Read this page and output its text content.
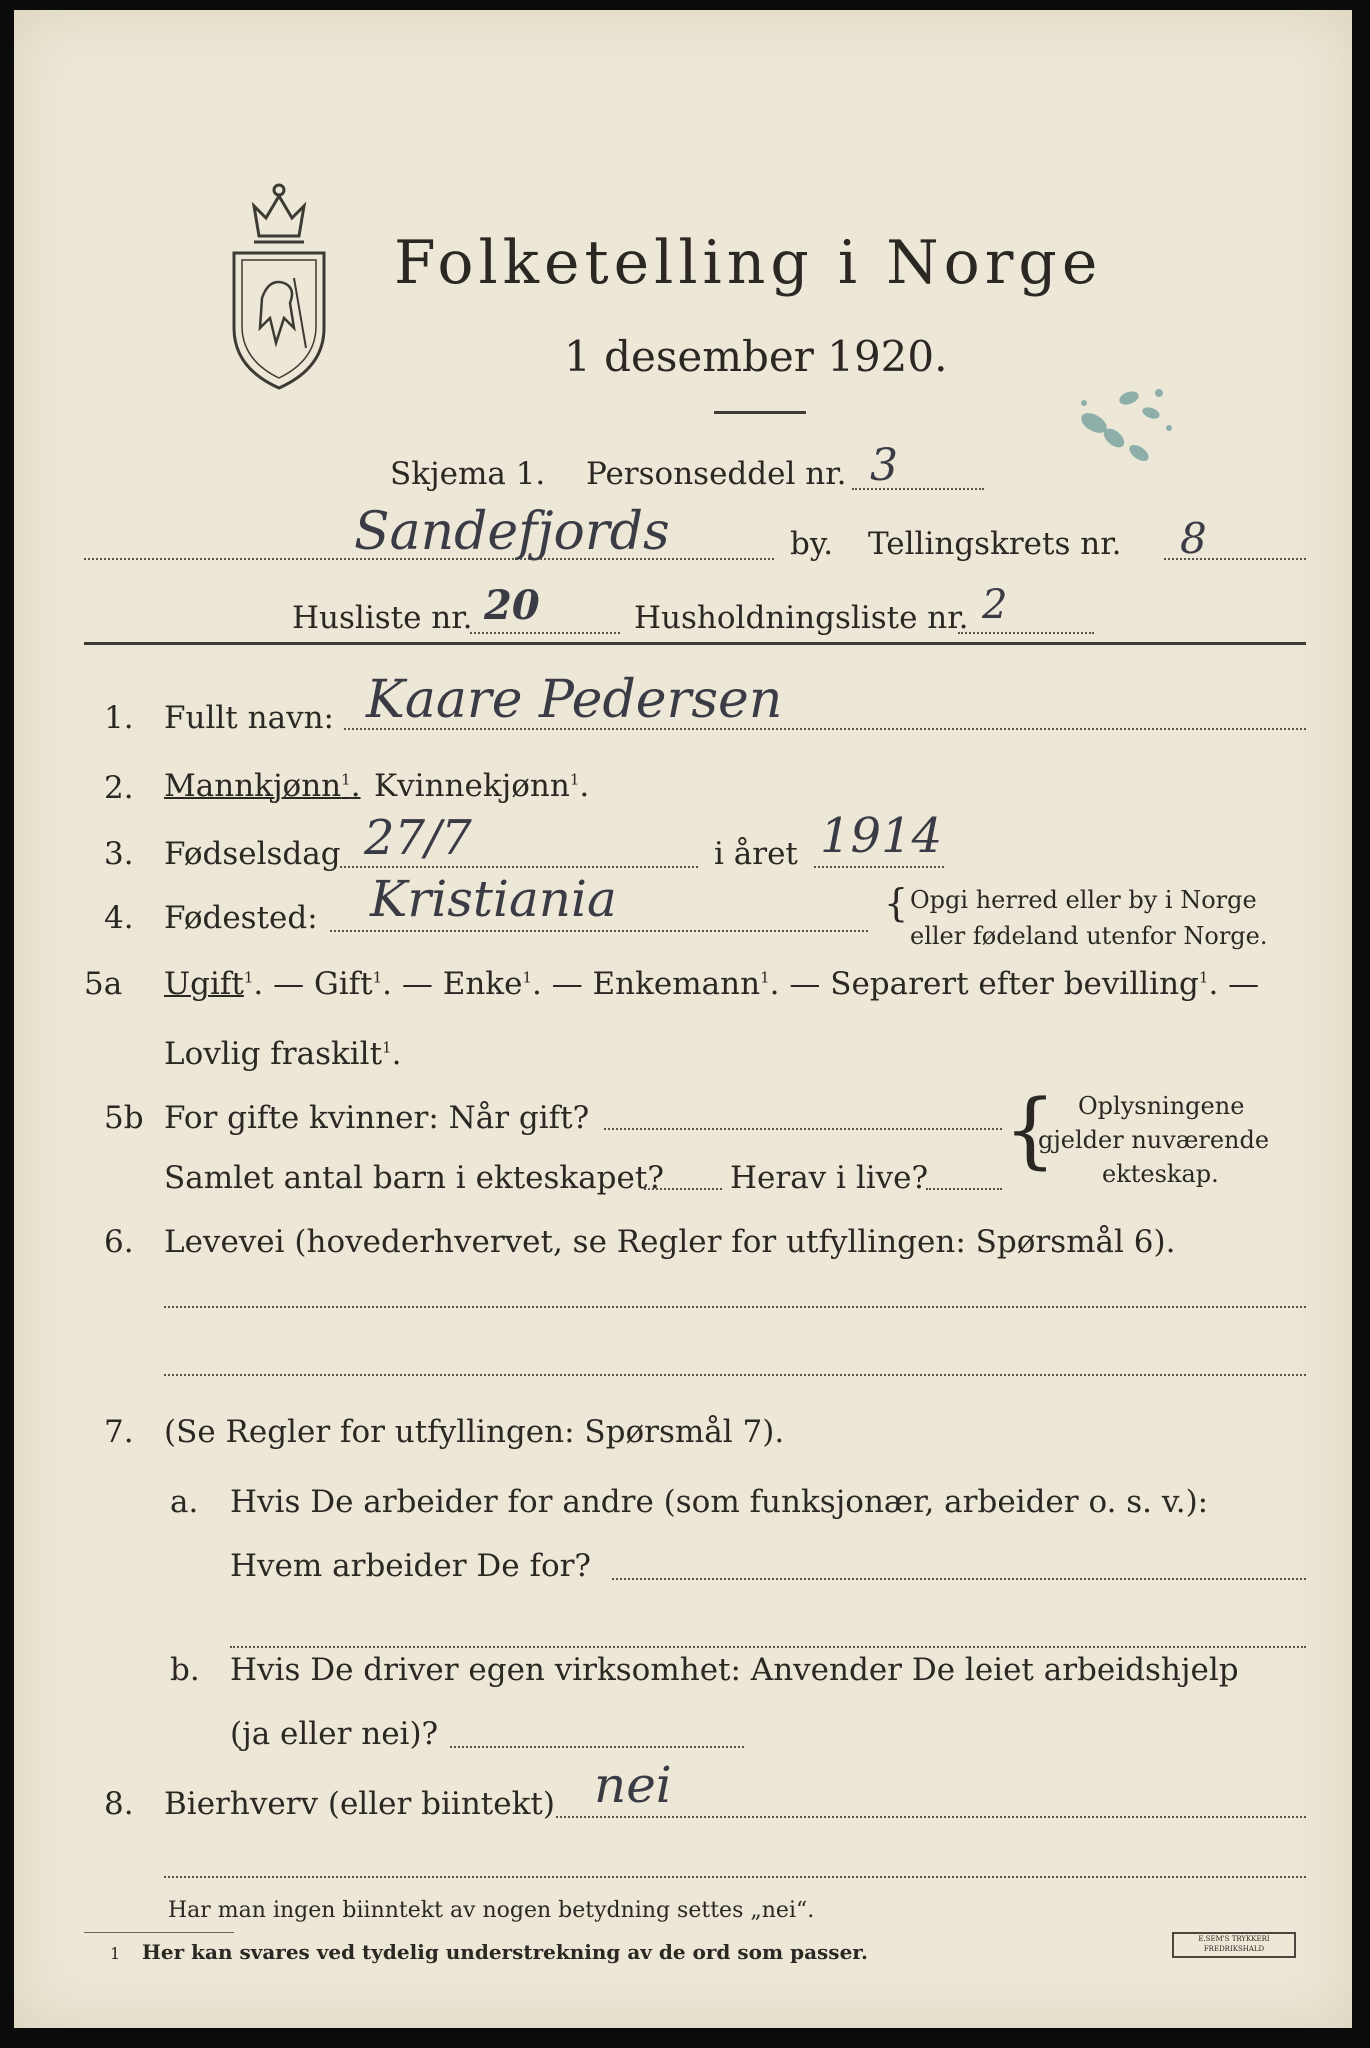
Folketelling i Norge
1 desember 1920.
Skjema 1. Personseddel nr. 3
Sandefjords	by. Tellingskrets nr. 8
Husliste nr. 20	Husholdningsliste nr. 2
1. Fullt navn: Kaare Pedersen
2. Mannkjønn$^1$. Kvinnekjønn$^1$.
3. Fødselsdag 27/7	i året 1914
4. Fødested: Kristiania	{ Opgi herred eller by i Norge
eller fødeland utenfor Norge.
5a Ugift$^1$. — Gift$^1$. — Enke$^1$. — Enkemann$^1$. — Separert efter bevilling$^1$. —
Lovlig fraskilt$^1$.
5b For gifte kvinner: Når gift?
Samlet antal barn i ekteskapet? Herav i live? { Oplysningene
gjelder nuværende
ekteskap.
6. Levevei (hovederhvervet, se Regler for utfyllingen: Spørsmål 6).
7. (Se Regler for utfyllingen: Spørsmål 7).
a. Hvis De arbeider for andre (som funksjonær, arbeider o. s. v.):
Hvem arbeider De for?
b. Hvis De driver egen virksomhet: Anvender De leiet arbeidshjelp
(ja eller nei)?
8. Bierhverv (eller biintekt) nei
Har man ingen biinntekt av nogen betydning settes „nei“.
1 Her kan svares ved tydelig understrekning av de ord som passer.
E.SEM'S TRYKKERI FREDRIKSHALD
